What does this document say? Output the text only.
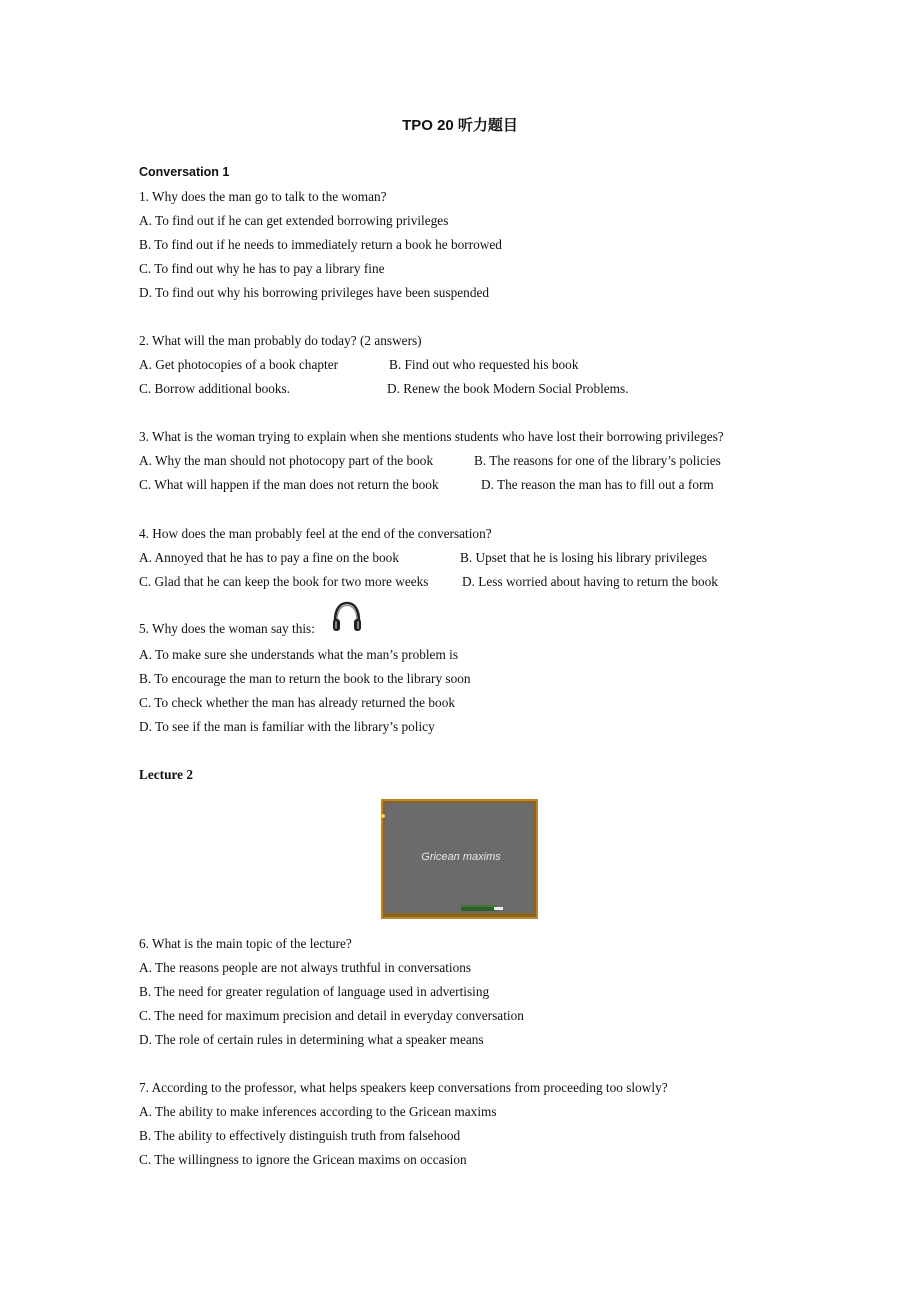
TPO 20 听力题目
Conversation 1
1. Why does the man go to talk to the woman?
A. To find out if he can get extended borrowing privileges
B. To find out if he needs to immediately return a book he borrowed
C. To find out why he has to pay a library fine
D. To find out why his borrowing privileges have been suspended
2. What will the man probably do today? (2 answers)
A. Get photocopies of a book chapter	B. Find out who requested his book
C. Borrow additional books.	D. Renew the book Modern Social Problems.
3. What is the woman trying to explain when she mentions students who have lost their borrowing privileges?
A. Why the man should not photocopy part of the book	B. The reasons for one of the library’s policies
C. What will happen if the man does not return the book	D. The reason the man has to fill out a form
4. How does the man probably feel at the end of the conversation?
A. Annoyed that he has to pay a fine on the book	B. Upset that he is losing his library privileges
C. Glad that he can keep the book for two more weeks	D. Less worried about having to return the book
5. Why does the woman say this:
A. To make sure she understands what the man’s problem is
B. To encourage the man to return the book to the library soon
C. To check whether the man has already returned the book
D. To see if the man is familiar with the library’s policy
Lecture 2
Gricean maxims
6. What is the main topic of the lecture?
A. The reasons people are not always truthful in conversations
B. The need for greater regulation of language used in advertising
C. The need for maximum precision and detail in everyday conversation
D. The role of certain rules in determining what a speaker means
7. According to the professor, what helps speakers keep conversations from proceeding too slowly?
A. The ability to make inferences according to the Gricean maxims
B. The ability to effectively distinguish truth from falsehood
C. The willingness to ignore the Gricean maxims on occasion
